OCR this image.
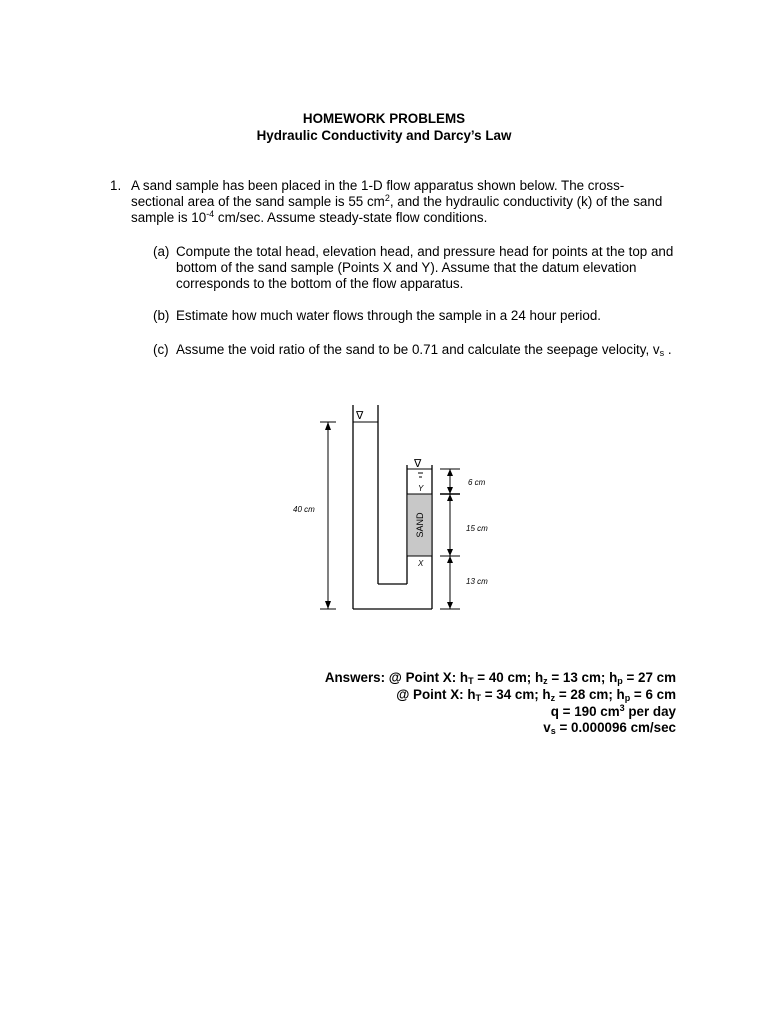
HOMEWORK PROBLEMS
Hydraulic Conductivity and Darcy’s Law
1. A sand sample has been placed in the 1-D flow apparatus shown below. The cross-
sectional area of the sand sample is 55 $cm^2$, and the hydraulic conductivity (k) of the sand
sample is $10^{-4}$ cm/sec. Assume steady-state flow conditions.
(a) Compute the total head, elevation head, and pressure head for points at the top and
bottom of the sand sample (Points X and Y). Assume that the datum elevation
corresponds to the bottom of the flow apparatus.
(b) Estimate how much water flows through the sample in a 24 hour period.
(c) Assume the void ratio of the sand to be 0.71 and calculate the seepage velocity, $v_s$ .
40 cm
∇
∇
SAND
Y
X
6 cm
15 cm
13 cm
Answers: @ Point X: $h_T = 40$ cm; $h_z = 13$ cm; $h_p = 27$ cm
@ Point X: $h_T = 34$ cm; $h_z = 28$ cm; $h_p = 6$ cm
q = 190 $cm^3$ per day
$v_s = 0.000096$ cm/sec
